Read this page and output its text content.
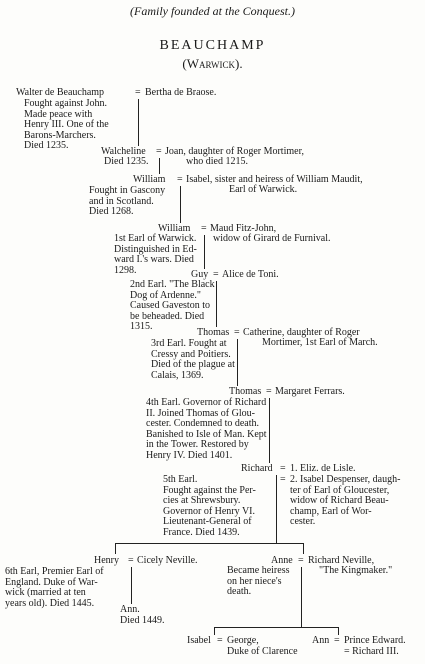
(Family founded at the Conquest.)
BEAUCHAMP
(Warwick).
Walter de Beauchamp	= Bertha de Braose.
Fought against John.
Made peace with
Henry III. One of the
Barons-Marchers.
Died 1235.
Walcheline = Joan, daughter of Roger Mortimer,
who died 1215.
Died 1235.
William = Isabel, sister and heiress of William Maudit,
Earl of Warwick.
Fought in Gascony
and in Scotland.
Died 1268.
William = Maud Fitz-John,
widow of Girard de Furnival.
1st Earl of Warwick.
Distinguished in Ed-
ward I.'s wars. Died
1298.	Guy = Alice de Toni.
2nd Earl. "The Black
Dog of Ardenne."
Caused Gaveston to
be beheaded. Died
1315.
Thomas = Catherine, daughter of Roger
Mortimer, 1st Earl of March.
3rd Earl. Fought at
Cressy and Poitiers.
Died of the plague at
Calais, 1369.
Thomas = Margaret Ferrars.
4th Earl. Governor of Richard
II. Joined Thomas of Glou-
cester. Condemned to death.
Banished to Isle of Man. Kept
in the Tower. Restored by
Henry IV. Died 1401.
Richard = 1. Eliz. de Lisle.
= 2. Isabel Despenser, daugh-
ter of Earl of Gloucester,
widow of Richard Beau-
champ, Earl of Wor-
cester.
5th Earl.
Fought against the Per-
cies at Shrewsbury.
Governor of Henry VI.
Lieutenant-General of
France. Died 1439.
Henry = Cicely Neville.
6th Earl, Premier Earl of
England. Duke of War-
wick (married at ten
years old). Died 1445.
Ann.
Died 1449.
Anne = Richard Neville,
"The Kingmaker."
Became heiress
on her niece's
death.
Isabel = George,
Duke of Clarence
Ann = Prince Edward.
= Richard III.
